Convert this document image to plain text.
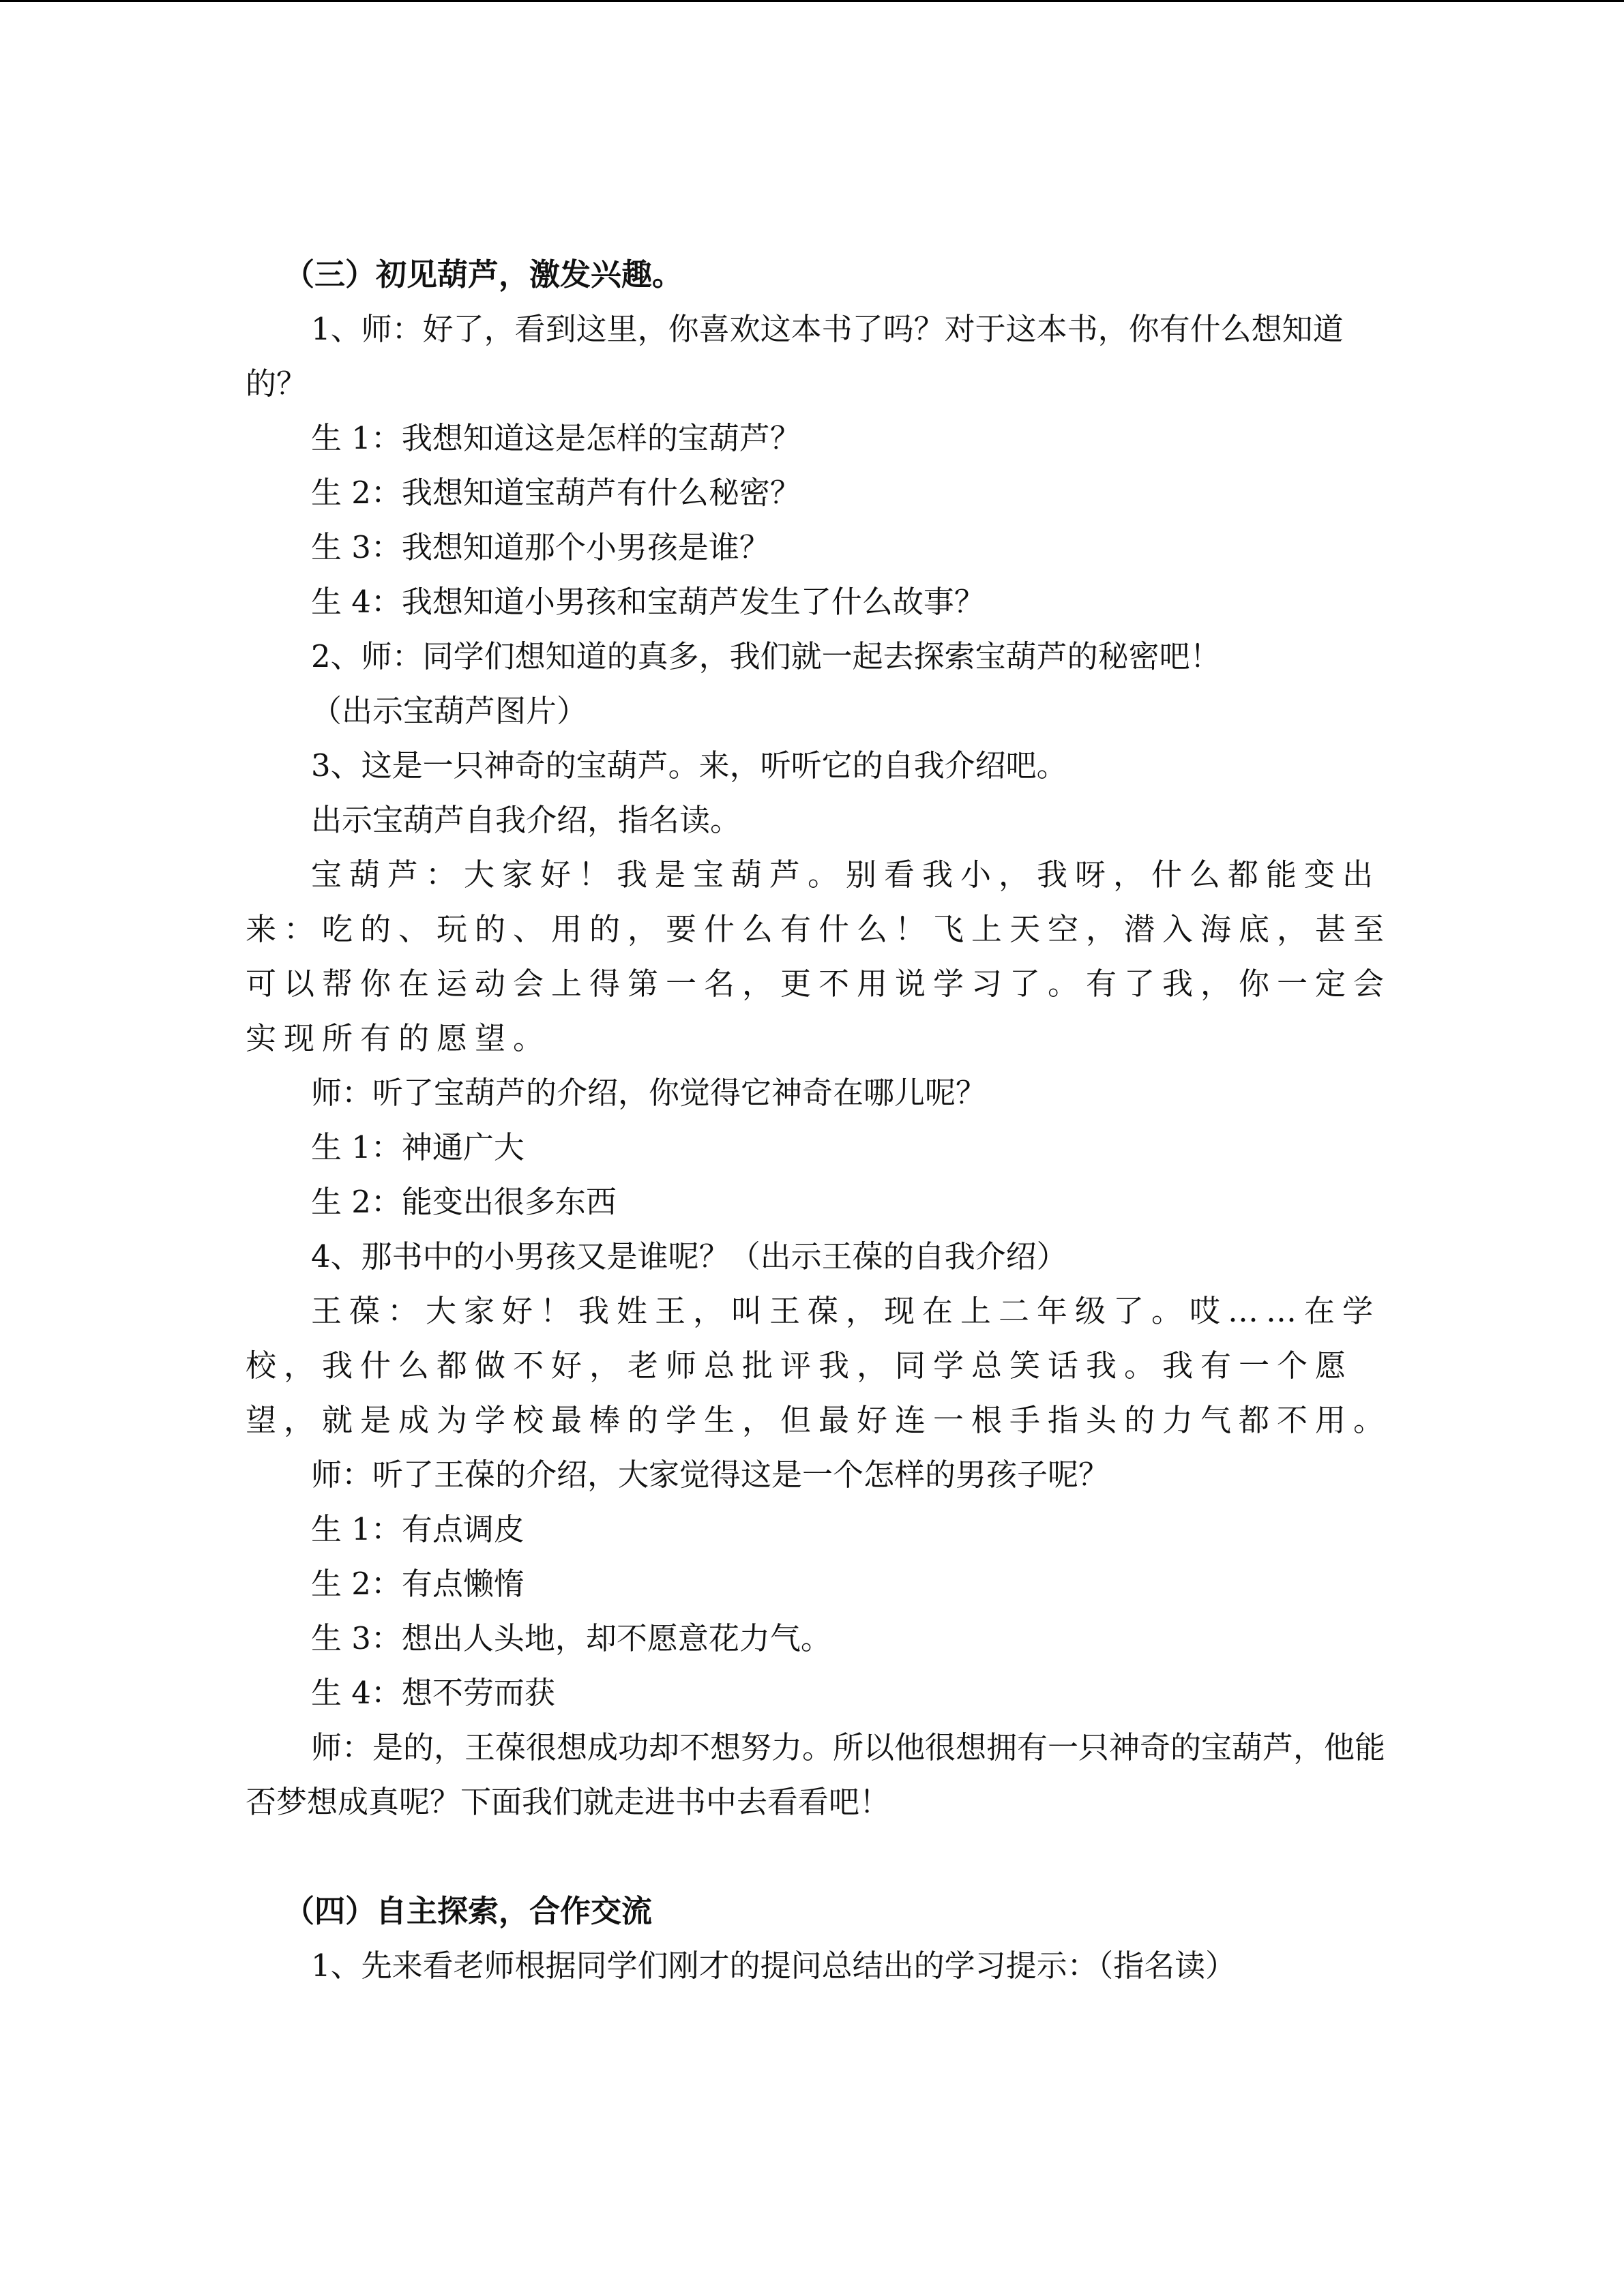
（三）初见葫芦，激发兴趣。

1、师：好了，看到这里，你喜欢这本书了吗？对于这本书，你有什么想知道的？

生 1：我想知道这是怎样的宝葫芦？

生 2：我想知道宝葫芦有什么秘密？

生 3：我想知道那个小男孩是谁？

生 4：我想知道小男孩和宝葫芦发生了什么故事？

2、师：同学们想知道的真多，我们就一起去探索宝葫芦的秘密吧！

（出示宝葫芦图片）

3、这是一只神奇的宝葫芦。来，听听它的自我介绍吧。

出示宝葫芦自我介绍，指名读。

宝葫芦：大家好！我是宝葫芦。别看我小，我呀，什么都能变出来：吃的、玩的、用的，要什么有什么！飞上天空，潜入海底，甚至可以帮你在运动会上得第一名，更不用说学习了。有了我，你一定会实现所有的愿望。

师：听了宝葫芦的介绍，你觉得它神奇在哪儿呢？

生 1：神通广大

生 2：能变出很多东西

4、那书中的小男孩又是谁呢？（出示王葆的自我介绍）

王葆：大家好！我姓王，叫王葆，现在上二年级了。哎……在学校，我什么都做不好，老师总批评我，同学总笑话我。我有一个愿望，就是成为学校最棒的学生，但最好连一根手指头的力气都不用。

师：听了王葆的介绍，大家觉得这是一个怎样的男孩子呢？

生 1：有点调皮

生 2：有点懒惰

生 3：想出人头地，却不愿意花力气。

生 4：想不劳而获

师：是的，王葆很想成功却不想努力。所以他很想拥有一只神奇的宝葫芦，他能否梦想成真呢？下面我们就走进书中去看看吧！

（四）自主探索，合作交流

1、先来看老师根据同学们刚才的提问总结出的学习提示：（指名读）
